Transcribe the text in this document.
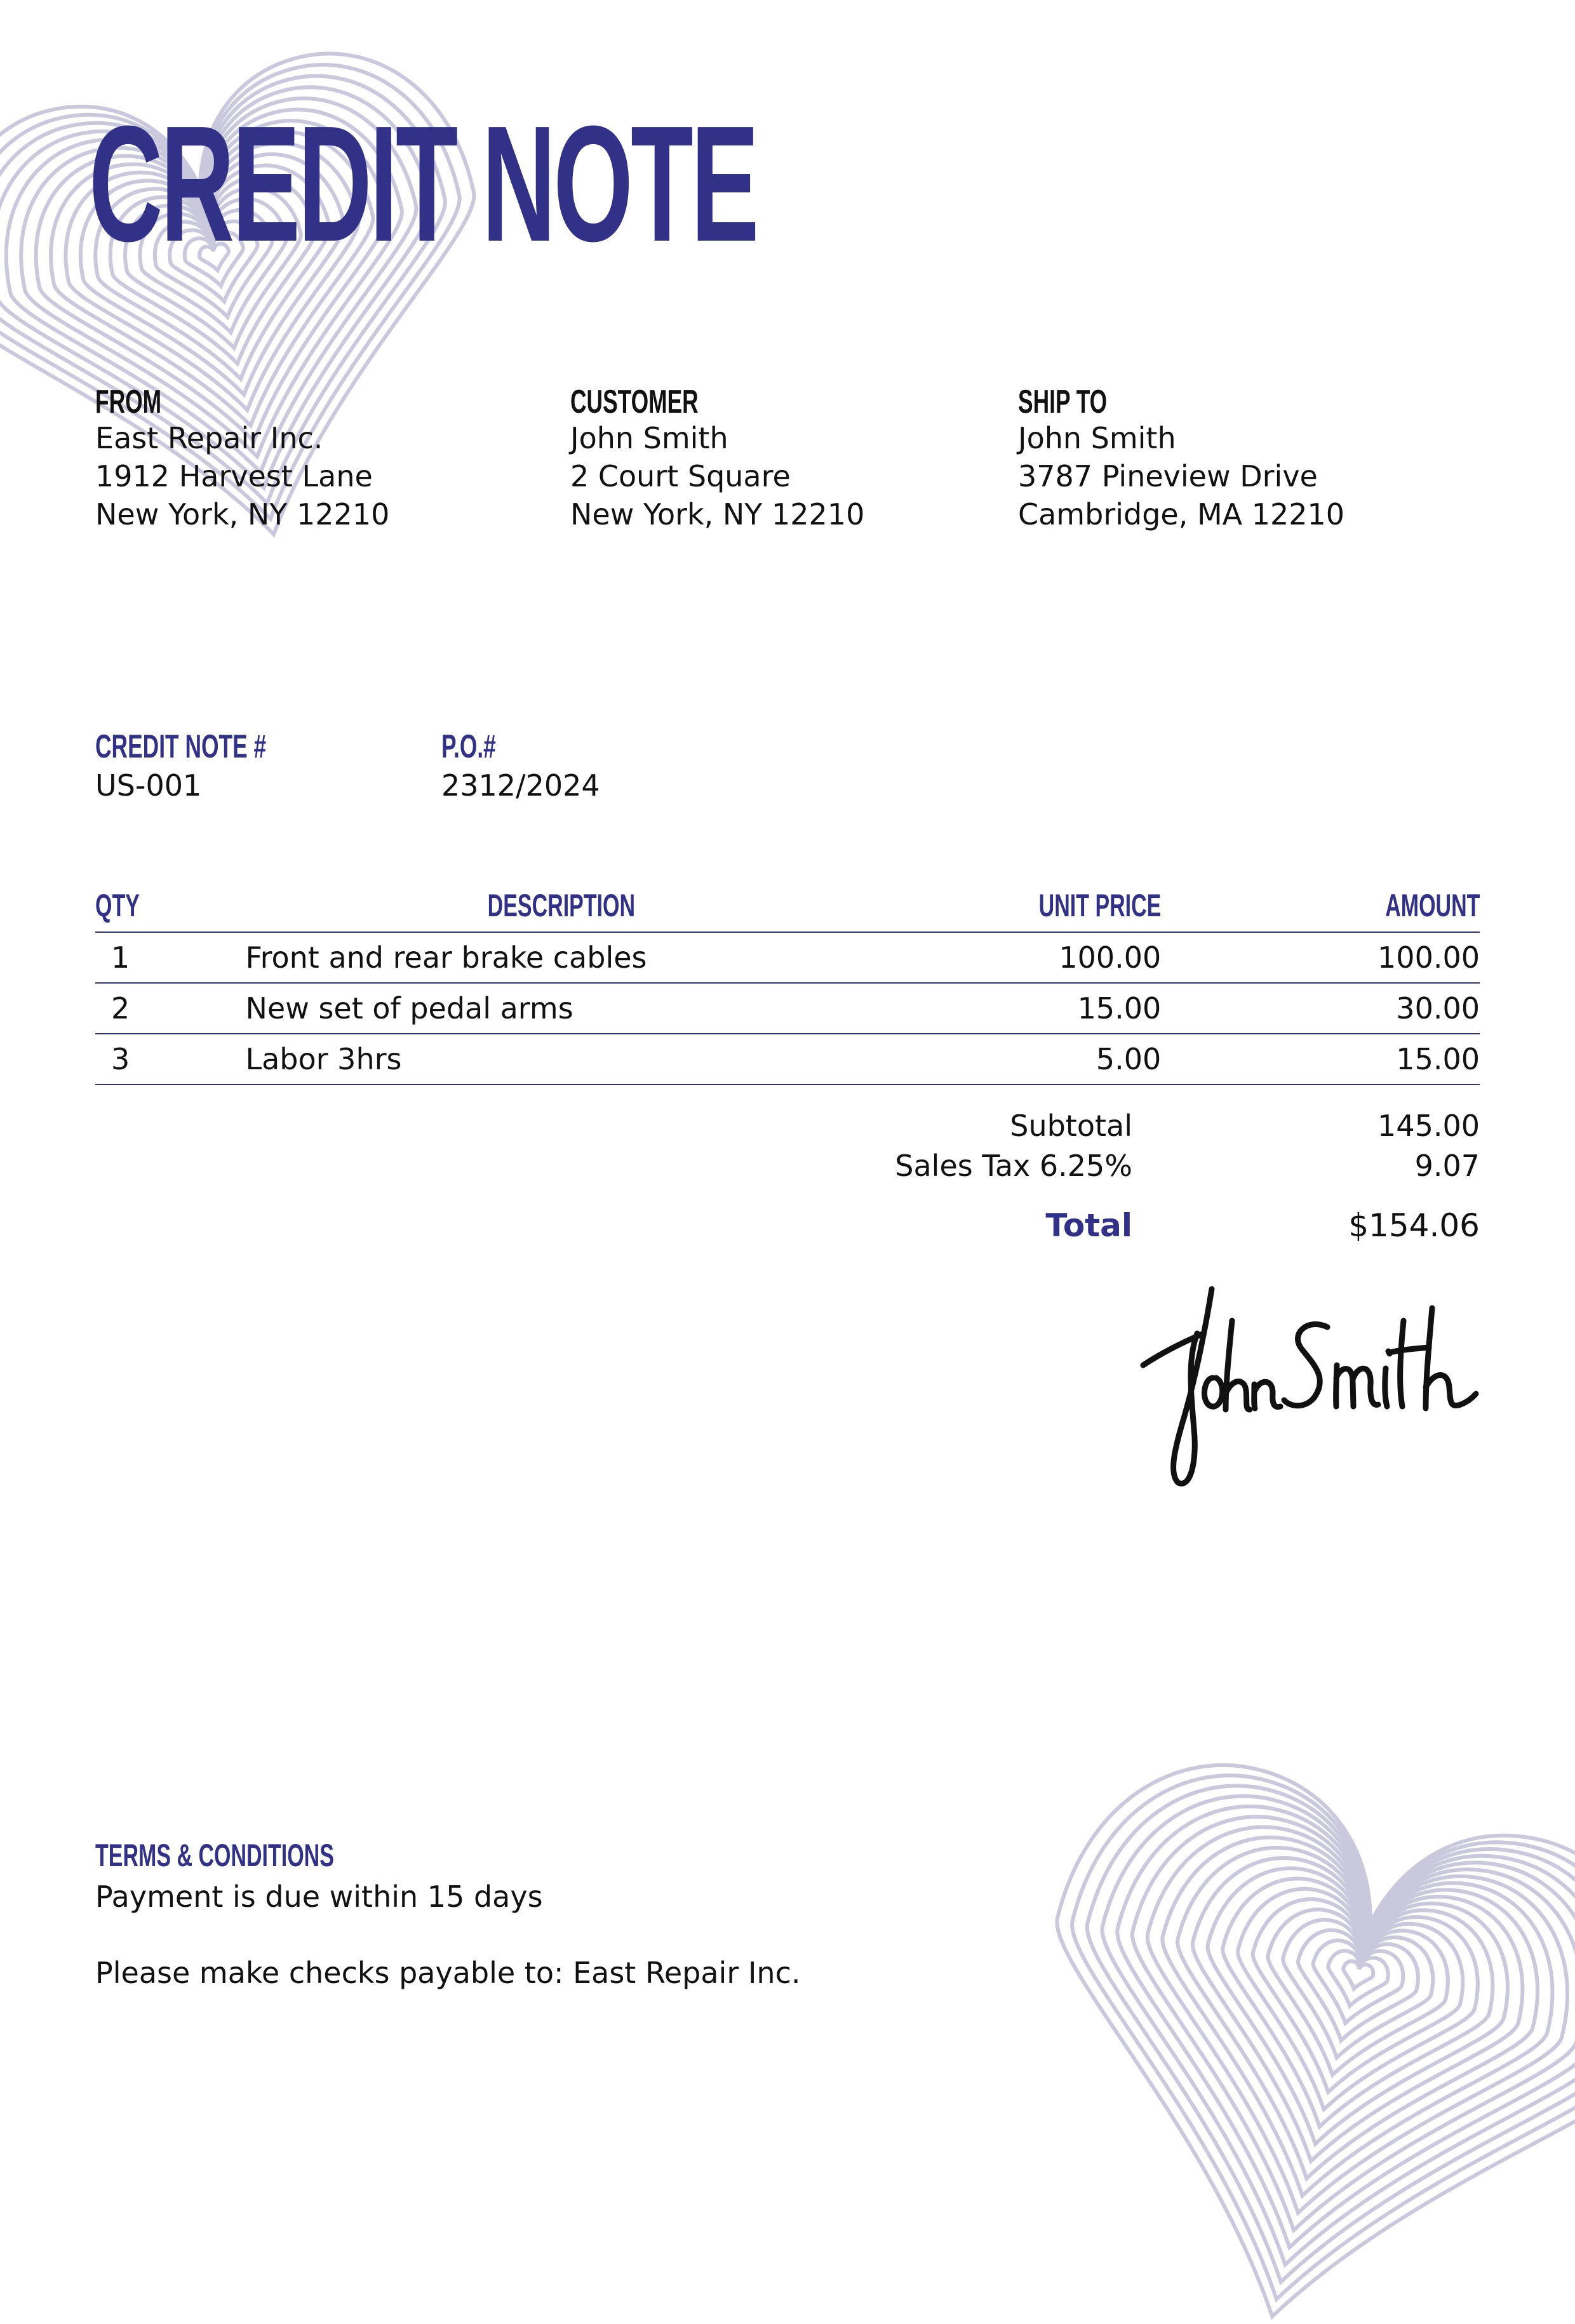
CREDIT NOTE
FROM
East Repair Inc.
1912 Harvest Lane
New York, NY 12210
CUSTOMER
John Smith
2 Court Square
New York, NY 12210
SHIP TO
John Smith
3787 Pineview Drive
Cambridge, MA 12210
CREDIT NOTE #
US-001
P.O.#
2312/2024
QTY	DESCRIPTION	UNIT PRICE	AMOUNT
1	Front and rear brake cables	100.00	100.00
2	New set of pedal arms	15.00	30.00
3	Labor 3hrs	5.00	15.00
Subtotal	145.00
Sales Tax 6.25%	9.07
Total	$154.06
TERMS & CONDITIONS
Payment is due within 15 days
Please make checks payable to: East Repair Inc.
